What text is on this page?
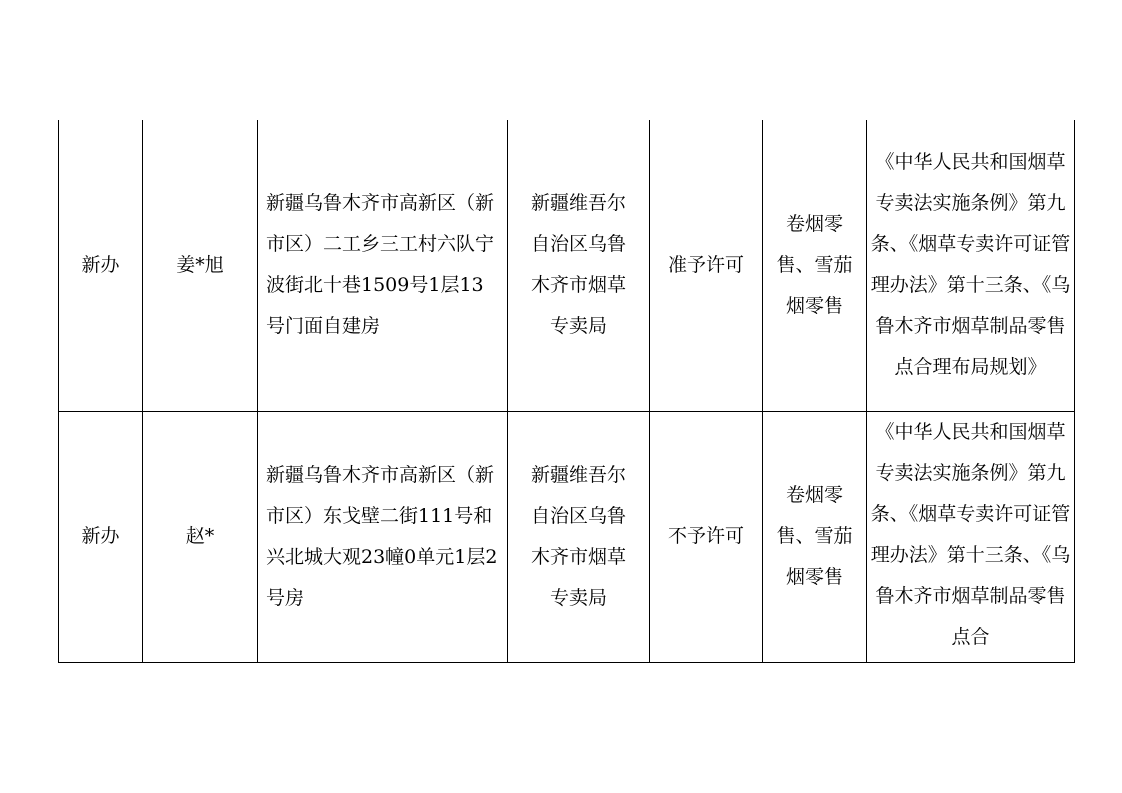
新办	姜*旭	新疆乌鲁木齐市高新区（新市区）二工乡三工村六队宁波街北十巷1509号1层13号门面自建房	新疆维吾尔自治区乌鲁木齐市烟草专卖局	准予许可	卷烟零售、雪茄烟零售	《中华人民共和国烟草专卖法实施条例》第九条、《烟草专卖许可证管理办法》第十三条、《乌鲁木齐市烟草制品零售点合理布局规划》

新办	赵*	新疆乌鲁木齐市高新区（新市区）东戈壁二街111号和兴北城大观23幢0单元1层2号房	新疆维吾尔自治区乌鲁木齐市烟草专卖局	不予许可	卷烟零售、雪茄烟零售	《中华人民共和国烟草专卖法实施条例》第九条、《烟草专卖许可证管理办法》第十三条、《乌鲁木齐市烟草制品零售点合
